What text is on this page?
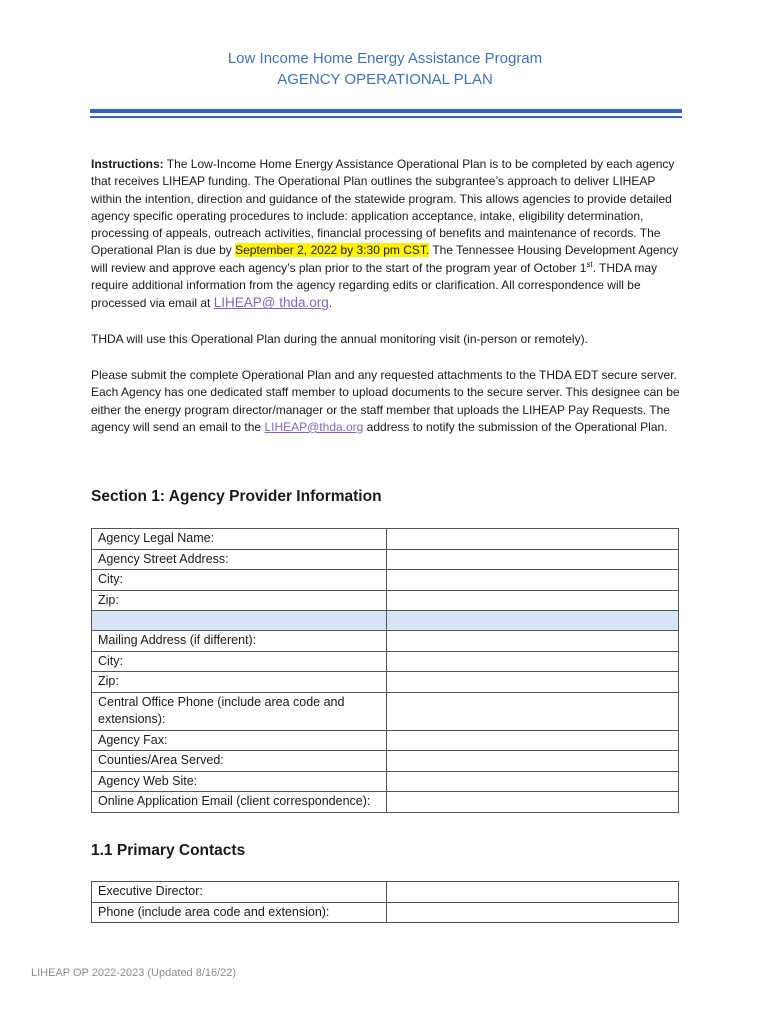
Low Income Home Energy Assistance Program
AGENCY OPERATIONAL PLAN
Instructions: The Low-Income Home Energy Assistance Operational Plan is to be completed by each agency that receives LIHEAP funding. The Operational Plan outlines the subgrantee’s approach to deliver LIHEAP within the intention, direction and guidance of the statewide program. This allows agencies to provide detailed agency specific operating procedures to include: application acceptance, intake, eligibility determination, processing of appeals, outreach activities, financial processing of benefits and maintenance of records. The Operational Plan is due by September 2, 2022 by 3:30 pm CST. The Tennessee Housing Development Agency will review and approve each agency’s plan prior to the start of the program year of October 1st. THDA may require additional information from the agency regarding edits or clarification. All correspondence will be processed via email at LIHEAP@ thda.org.
THDA will use this Operational Plan during the annual monitoring visit (in-person or remotely).
Please submit the complete Operational Plan and any requested attachments to the THDA EDT secure server. Each Agency has one dedicated staff member to upload documents to the secure server. This designee can be either the energy program director/manager or the staff member that uploads the LIHEAP Pay Requests. The agency will send an email to the LIHEAP@thda.org address to notify the submission of the Operational Plan.
Section 1: Agency Provider Information
Agency Legal Name:	
Agency Street Address:	
City:	
Zip:	

Mailing Address (if different):	
City:	
Zip:	
Central Office Phone (include area code and extensions):	
Agency Fax:	
Counties/Area Served:	
Agency Web Site:	
Online Application Email (client correspondence):	
1.1 Primary Contacts
Executive Director:	
Phone (include area code and extension):	
LIHEAP OP 2022-2023 (Updated 8/16/22)
